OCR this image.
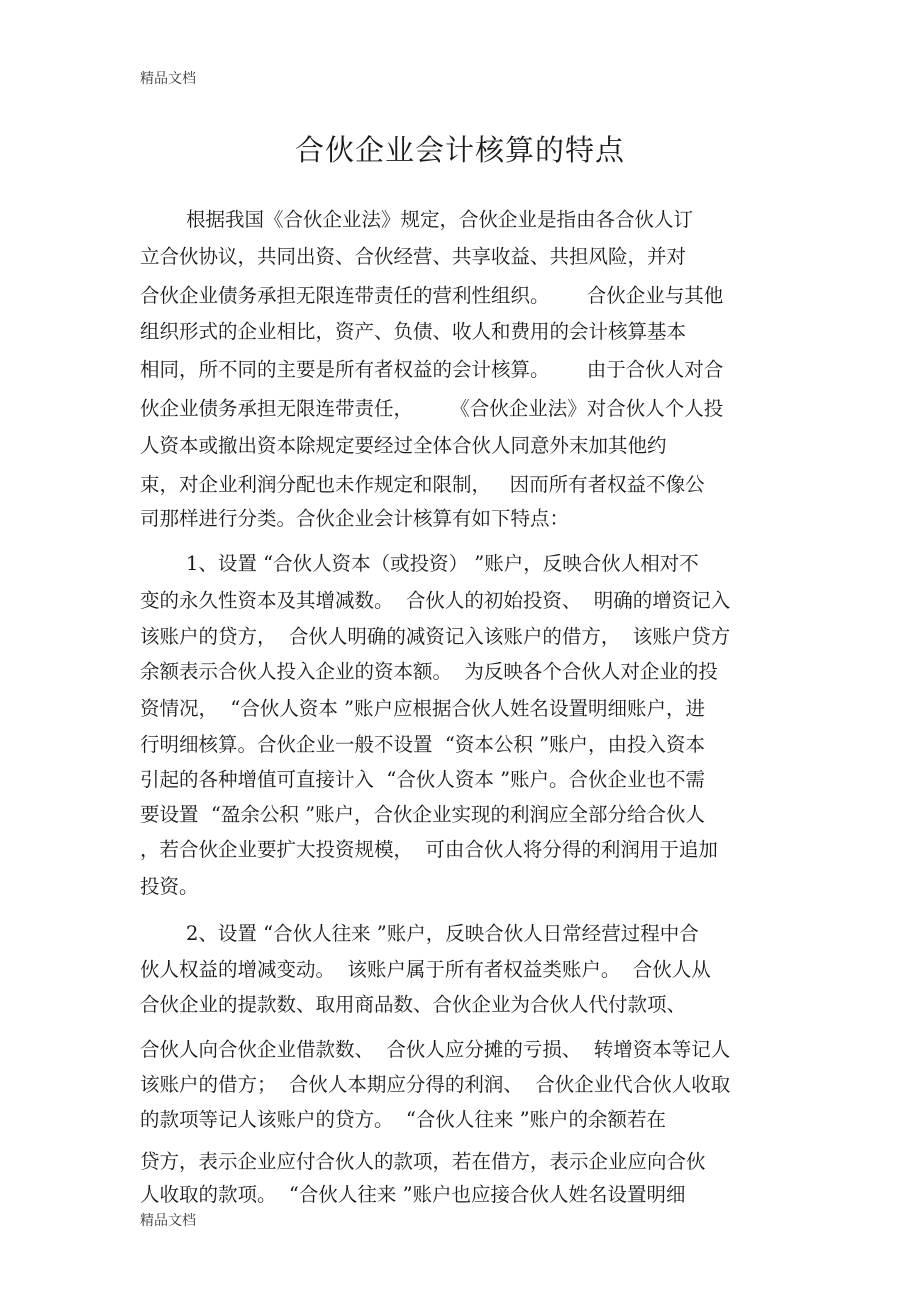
精品文档
合伙企业会计核算的特点
根据我国《合伙企业法》规定，合伙企业是指由各合伙人订
立合伙协议，共同出资、合伙经营、共享收益、共担风险，并对
合伙企业债务承担无限连带责任的营利性组织。      合伙企业与其他
组织形式的企业相比，资产、负债、收人和费用的会计核算基本
相同，所不同的主要是所有者权益的会计核算。      由于合伙人对合
伙企业债务承担无限连带责任，      《合伙企业法》对合伙人个人投
人资本或撤出资本除规定要经过全体合伙人同意外末加其他约
束，对企业利润分配也未作规定和限制，   因而所有者权益不像公
司那样进行分类。合伙企业会计核算有如下特点：
1、设置 “合伙人资本（或投资） ”账户，反映合伙人相对不
变的永久性资本及其增减数。  合伙人的初始投资、  明确的增资记入
该账户的贷方，  合伙人明确的减资记入该账户的借方，  该账户贷方
余额表示合伙人投入企业的资本额。  为反映各个合伙人对企业的投
资情况，  “合伙人资本 ”账户应根据合伙人姓名设置明细账户，进
行明细核算。合伙企业一般不设置  “资本公积 ”账户，由投入资本
引起的各种增值可直接计入  “合伙人资本 ”账户。合伙企业也不需
要设置  “盈余公积 ”账户，合伙企业实现的利润应全部分给合伙人
，若合伙企业要扩大投资规模，  可由合伙人将分得的利润用于追加
投资。
2、设置 “合伙人往来 ”账户，反映合伙人日常经营过程中合
伙人权益的增减变动。  该账户属于所有者权益类账户。  合伙人从
合伙企业的提款数、取用商品数、合伙企业为合伙人代付款项、
合伙人向合伙企业借款数、  合伙人应分摊的亏损、  转增资本等记人
该账户的借方；  合伙人本期应分得的利润、  合伙企业代合伙人收取
的款项等记人该账户的贷方。  “合伙人往来 ”账户的余额若在
贷方，表示企业应付合伙人的款项，若在借方，表示企业应向合伙
人收取的款项。  “合伙人往来 ”账户也应接合伙人姓名设置明细
精品文档
